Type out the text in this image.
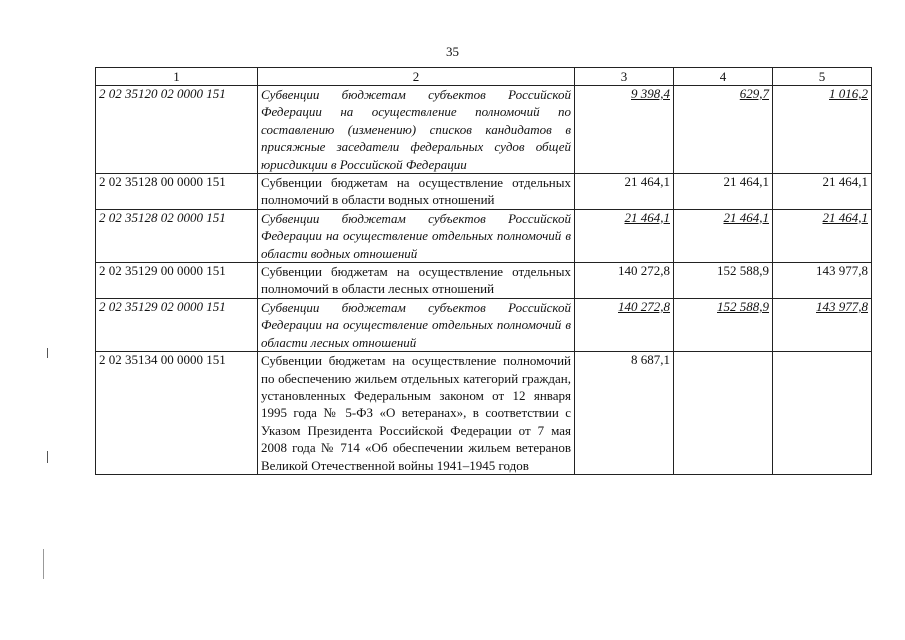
35
1	2	3	4	5
2 02 35120 02 0000 151	Субвенции бюджетам субъектов Российской Федерации на осуществление полномочий по составлению (изменению) списков кандидатов в присяжные заседатели федеральных судов общей юрисдикции в Российской Федерации	9 398,4	629,7	1 016,2
2 02 35128 00 0000 151	Субвенции бюджетам на осуществление отдельных полномочий в области водных отношений	21 464,1	21 464,1	21 464,1
2 02 35128 02 0000 151	Субвенции бюджетам субъектов Российской Федерации на осуществление отдельных полномочий в области водных отношений	21 464,1	21 464,1	21 464,1
2 02 35129 00 0000 151	Субвенции бюджетам на осуществление отдельных полномочий в области лесных отношений	140 272,8	152 588,9	143 977,8
2 02 35129 02 0000 151	Субвенции бюджетам субъектов Российской Федерации на осуществление отдельных полномочий в области лесных отношений	140 272,8	152 588,9	143 977,8
2 02 35134 00 0000 151	Субвенции бюджетам на осуществление полномочий по обеспечению жильем отдельных категорий граждан, установленных Федеральным законом от 12 января 1995 года № 5-ФЗ «О ветеранах», в соответствии с Указом Президента Российской Федерации от 7 мая 2008 года № 714 «Об обеспечении жильем ветеранов Великой Отечественной войны 1941–1945 годов	8 687,1		
